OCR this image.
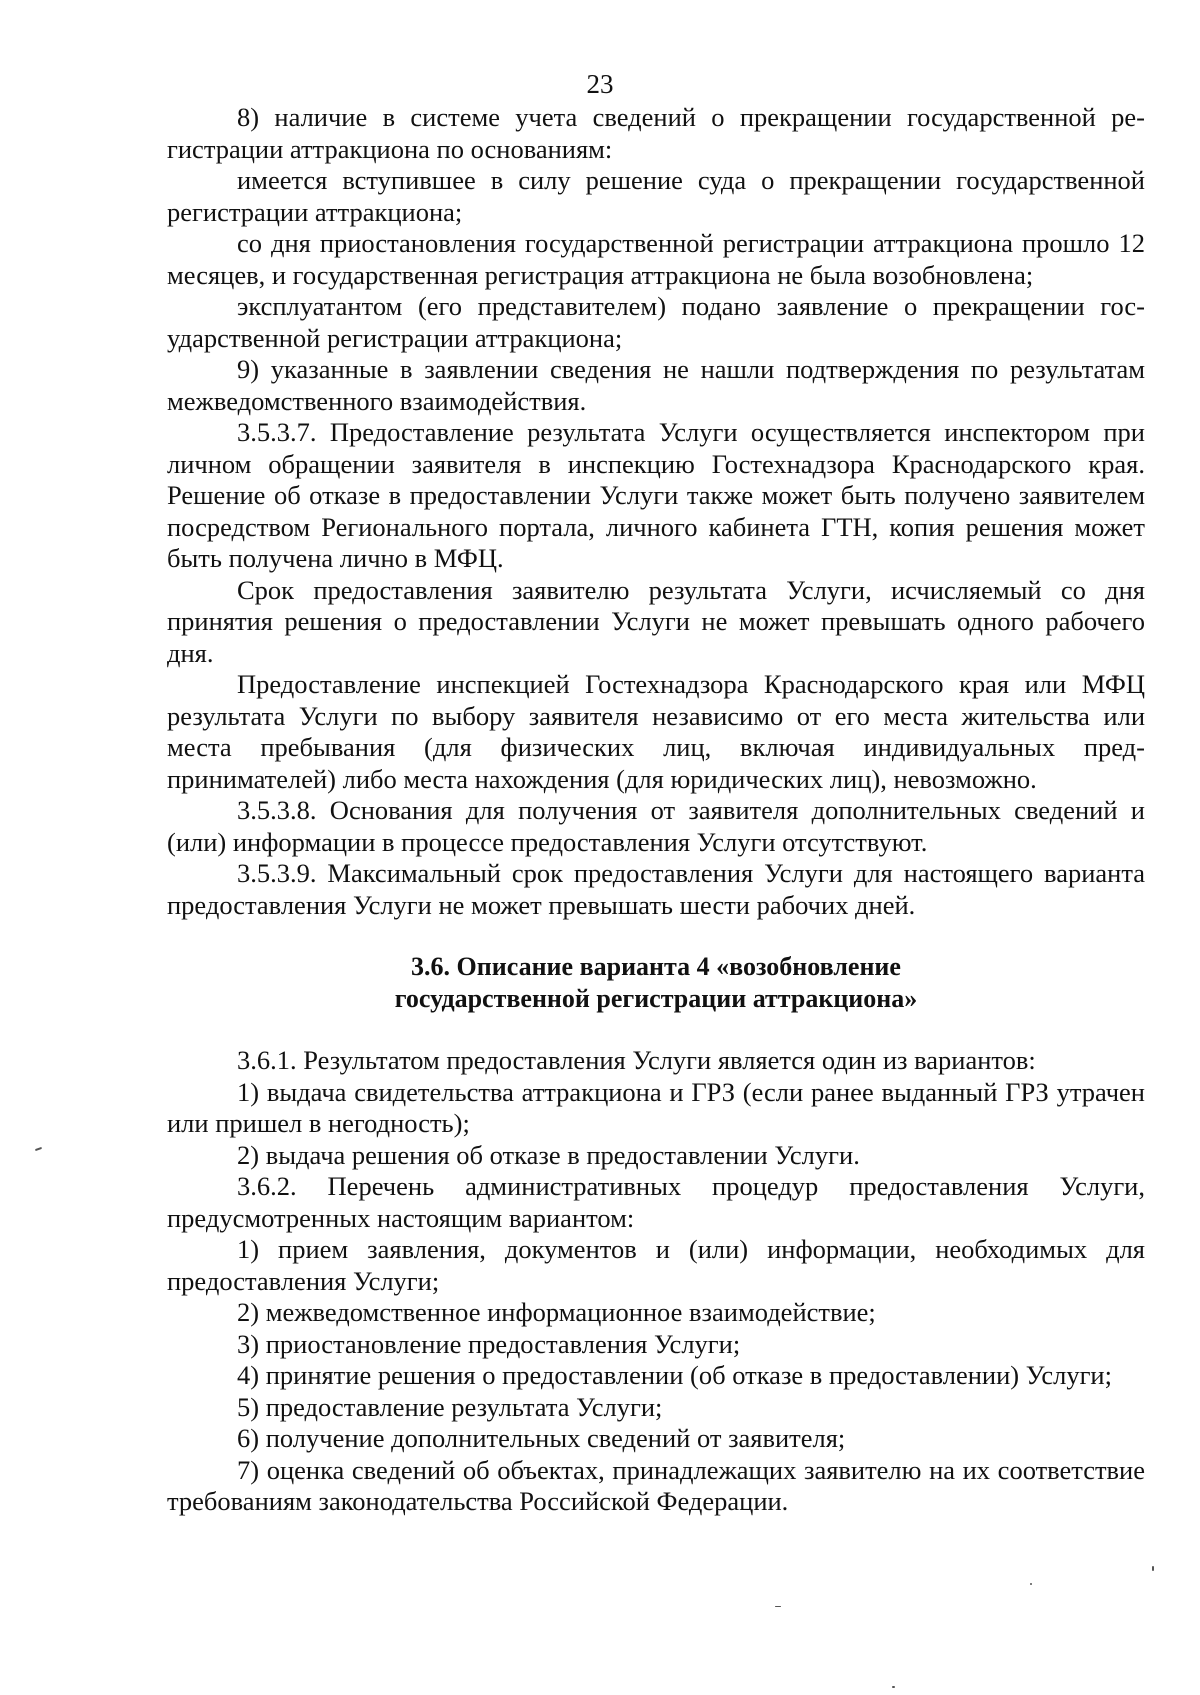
23

8) наличие в системе учета сведений о прекращении государственной регистрации аттракциона по основаниям:

имеется вступившее в силу решение суда о прекращении государственной регистрации аттракциона;

со дня приостановления государственной регистрации аттракциона прошло 12 месяцев, и государственная регистрация аттракциона не была возобновлена;

эксплуатантом (его представителем) подано заявление о прекращении государственной регистрации аттракциона;

9) указанные в заявлении сведения не нашли подтверждения по результатам межведомственного взаимодействия.

3.5.3.7. Предоставление результата Услуги осуществляется инспектором при личном обращении заявителя в инспекцию Гостехнадзора Краснодарского края. Решение об отказе в предоставлении Услуги также может быть получено заявителем посредством Регионального портала, личного кабинета ГТН, копия решения может быть получена лично в МФЦ.

Срок предоставления заявителю результата Услуги, исчисляемый со дня принятия решения о предоставлении Услуги не может превышать одного рабочего дня.

Предоставление инспекцией Гостехнадзора Краснодарского края или МФЦ результата Услуги по выбору заявителя независимо от его места жительства или места пребывания (для физических лиц, включая индивидуальных предпринимателей) либо места нахождения (для юридических лиц), невозможно.

3.5.3.8. Основания для получения от заявителя дополнительных сведений и (или) информации в процессе предоставления Услуги отсутствуют.

3.5.3.9. Максимальный срок предоставления Услуги для настоящего варианта предоставления Услуги не может превышать шести рабочих дней.

3.6. Описание варианта 4 «возобновление
государственной регистрации аттракциона»

3.6.1. Результатом предоставления Услуги является один из вариантов:

1) выдача свидетельства аттракциона и ГРЗ (если ранее выданный ГРЗ утрачен или пришел в негодность);

2) выдача решения об отказе в предоставлении Услуги.

3.6.2. Перечень административных процедур предоставления Услуги, предусмотренных настоящим вариантом:

1) прием заявления, документов и (или) информации, необходимых для предоставления Услуги;

2) межведомственное информационное взаимодействие;

3) приостановление предоставления Услуги;

4) принятие решения о предоставлении (об отказе в предоставлении) Услуги;

5) предоставление результата Услуги;

6) получение дополнительных сведений от заявителя;

7) оценка сведений об объектах, принадлежащих заявителю на их соответствие требованиям законодательства Российской Федерации.
